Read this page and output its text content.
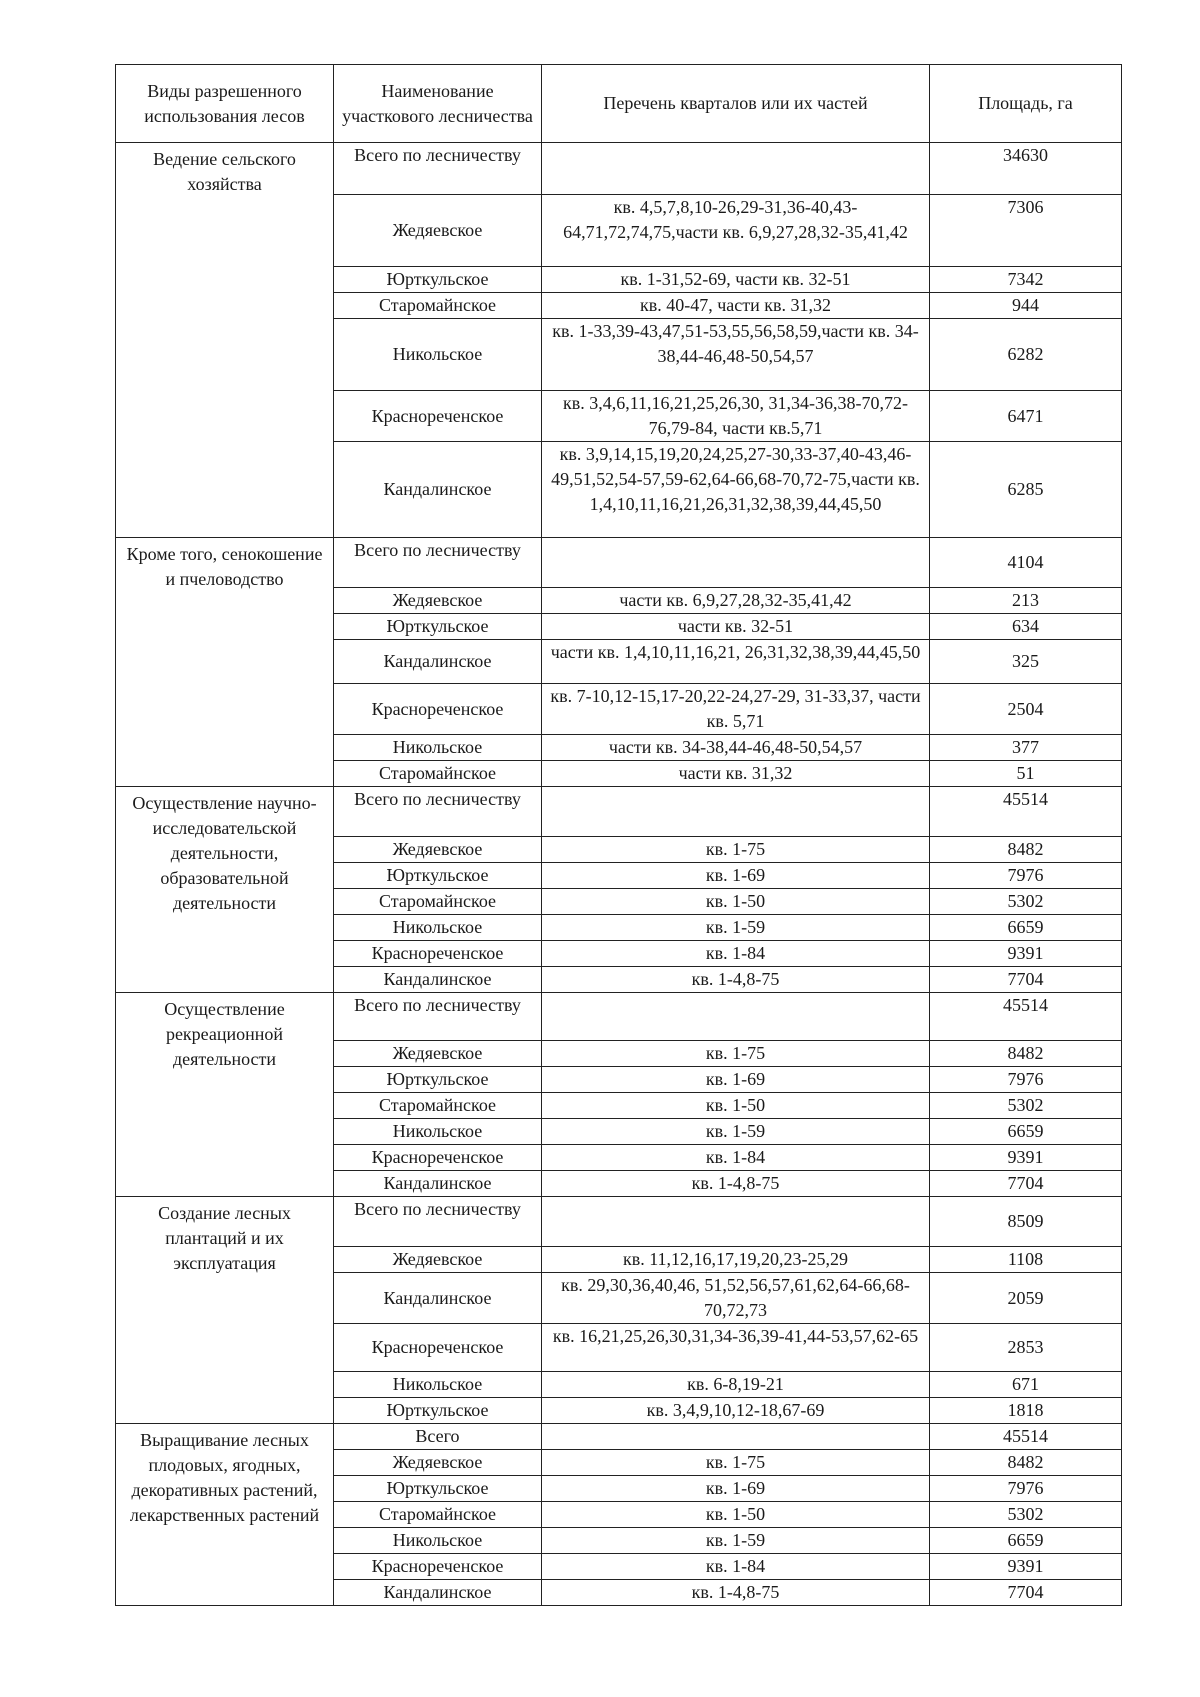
Виды разрешенного использования лесов	Наименование участкового лесничества	Перечень кварталов или их частей	Площадь, га
Ведение сельского хозяйства	Всего по лесничеству		34630
	Жедяевское	кв. 4,5,7,8,10-26,29-31,36-40,43-64,71,72,74,75,части кв. 6,9,27,28,32-35,41,42	7306
	Юрткульское	кв. 1-31,52-69, части кв. 32-51	7342
	Старомайнское	кв. 40-47, части кв. 31,32	944
	Никольское	кв. 1-33,39-43,47,51-53,55,56,58,59,части кв. 34-38,44-46,48-50,54,57	6282
	Краснореченское	кв. 3,4,6,11,16,21,25,26,30, 31,34-36,38-70,72-76,79-84, части кв.5,71	6471
	Кандалинское	кв. 3,9,14,15,19,20,24,25,27-30,33-37,40-43,46-49,51,52,54-57,59-62,64-66,68-70,72-75,части кв. 1,4,10,11,16,21,26,31,32,38,39,44,45,50	6285
Кроме того, сенокошение и пчеловодство	Всего по лесничеству		4104
	Жедяевское	части кв. 6,9,27,28,32-35,41,42	213
	Юрткульское	части кв. 32-51	634
	Кандалинское	части кв. 1,4,10,11,16,21, 26,31,32,38,39,44,45,50	325
	Краснореченское	кв. 7-10,12-15,17-20,22-24,27-29, 31-33,37, части кв. 5,71	2504
	Никольское	части кв. 34-38,44-46,48-50,54,57	377
	Старомайнское	части кв. 31,32	51
Осуществление научно-исследовательской деятельности, образовательной деятельности	Всего по лесничеству		45514
	Жедяевское	кв. 1-75	8482
	Юрткульское	кв. 1-69	7976
	Старомайнское	кв. 1-50	5302
	Никольское	кв. 1-59	6659
	Краснореченское	кв. 1-84	9391
	Кандалинское	кв. 1-4,8-75	7704
Осуществление рекреационной деятельности	Всего по лесничеству		45514
	Жедяевское	кв. 1-75	8482
	Юрткульское	кв. 1-69	7976
	Старомайнское	кв. 1-50	5302
	Никольское	кв. 1-59	6659
	Краснореченское	кв. 1-84	9391
	Кандалинское	кв. 1-4,8-75	7704
Создание лесных плантаций и их эксплуатация	Всего по лесничеству		8509
	Жедяевское	кв. 11,12,16,17,19,20,23-25,29	1108
	Кандалинское	кв. 29,30,36,40,46, 51,52,56,57,61,62,64-66,68-70,72,73	2059
	Краснореченское	кв. 16,21,25,26,30,31,34-36,39-41,44-53,57,62-65	2853
	Никольское	кв. 6-8,19-21	671
	Юрткульское	кв. 3,4,9,10,12-18,67-69	1818
Выращивание лесных плодовых, ягодных, декоративных растений, лекарственных растений	Всего		45514
	Жедяевское	кв. 1-75	8482
	Юрткульское	кв. 1-69	7976
	Старомайнское	кв. 1-50	5302
	Никольское	кв. 1-59	6659
	Краснореченское	кв. 1-84	9391
	Кандалинское	кв. 1-4,8-75	7704
